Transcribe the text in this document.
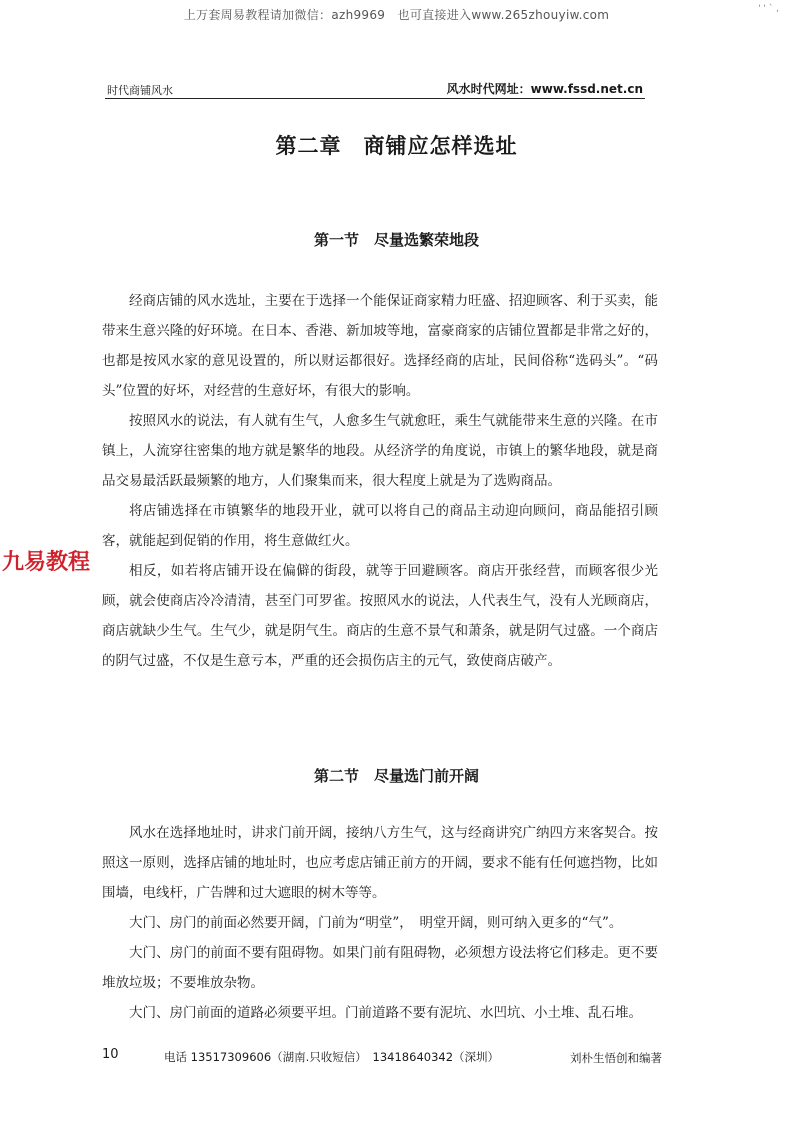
上万套周易教程请加微信：azh9969　也可直接进入www.265zhouyiw.com	' ' ` ,
时代商铺风水	风水时代网址：www.fssd.net.cn
第二章　商铺应怎样选址
第一节　尽量选繁荣地段

经商店铺的风水选址，主要在于选择一个能保证商家精力旺盛、招迎顾客、利于买卖，能带来生意兴隆的好环境。在日本、香港、新加坡等地，富豪商家的店铺位置都是非常之好的，也都是按风水家的意见设置的，所以财运都很好。选择经商的店址，民间俗称“选码头”。“码头”位置的好坏，对经营的生意好坏，有很大的影响。

按照风水的说法，有人就有生气，人愈多生气就愈旺，乘生气就能带来生意的兴隆。在市镇上，人流穿往密集的地方就是繁华的地段。从经济学的角度说，市镇上的繁华地段，就是商品交易最活跃最频繁的地方，人们聚集而来，很大程度上就是为了选购商品。

将店铺选择在市镇繁华的地段开业，就可以将自己的商品主动迎向顾问，商品能招引顾客，就能起到促销的作用，将生意做红火。

相反，如若将店铺开设在偏僻的街段，就等于回避顾客。商店开张经营，而顾客很少光顾，就会使商店冷冷清清，甚至门可罗雀。按照风水的说法，人代表生气，没有人光顾商店，商店就缺少生气。生气少，就是阴气生。商店的生意不景气和萧条，就是阴气过盛。一个商店的阴气过盛，不仅是生意亏本，严重的还会损伤店主的元气，致使商店破产。

九易教程
第二节　尽量选门前开阔

风水在选择地址时，讲求门前开阔，接纳八方生气，这与经商讲究广纳四方来客契合。按照这一原则，选择店铺的地址时，也应考虑店铺正前方的开阔，要求不能有任何遮挡物，比如围墙，电线杆，广告牌和过大遮眼的树木等等。

大门、房门的前面必然要开阔，门前为“明堂”，　明堂开阔，则可纳入更多的“气”。

大门、房门的前面不要有阻碍物。如果门前有阻碍物，必须想方设法将它们移走。更不要堆放垃圾；不要堆放杂物。

大门、房门前面的道路必须要平坦。门前道路不要有泥坑、水凹坑、小土堆、乱石堆。

10	电话 13517309606（湖南.只收短信）　13418640342（深圳）	刘朴生悟创和编著
